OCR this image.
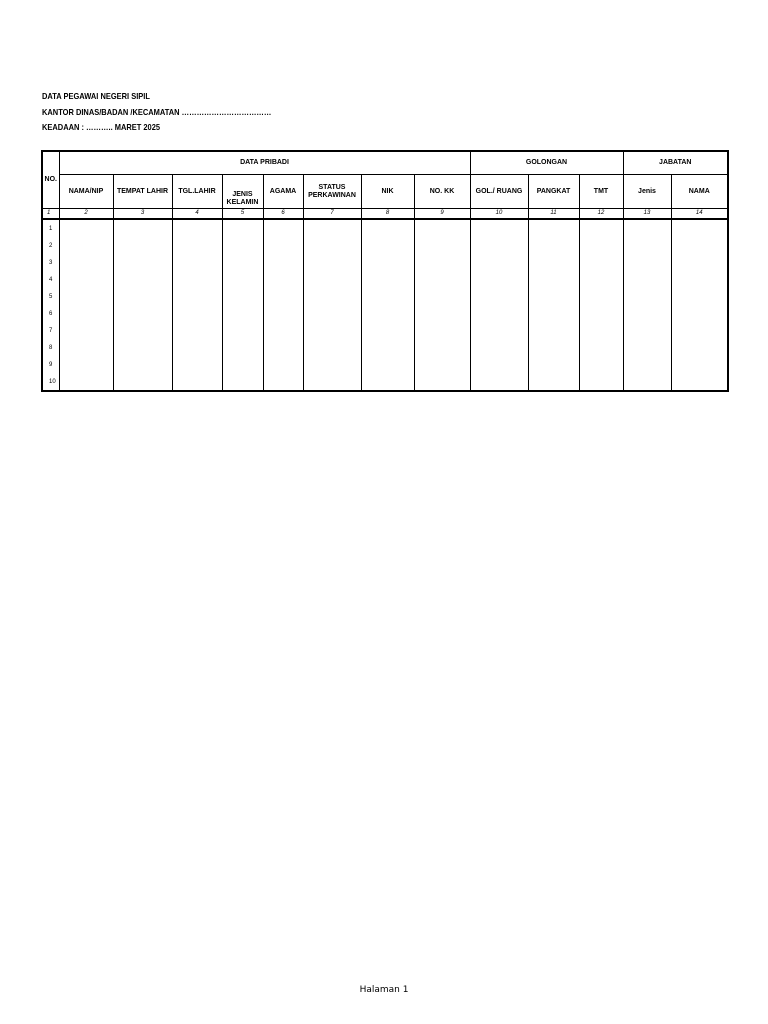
DATA PEGAWAI NEGERI SIPIL
KANTOR DINAS/BADAN /KECAMATAN ………………………………
KEADAAN : ……….. MARET 2025
NO.	DATA PRIBADI								GOLONGAN			JABATAN	
	NAMA/NIP	TEMPAT LAHIR	TGL.LAHIR	JENIS KELAMIN	AGAMA	STATUS PERKAWINAN	NIK	NO. KK	GOL./ RUANG	PANGKAT	TMT	Jenis	NAMA
1	2	3	4	5	6	7	8	9	10	11	12	13	14
1													
2													
3													
4													
5													
6													
7													
8													
9													
10													
Halaman 1
